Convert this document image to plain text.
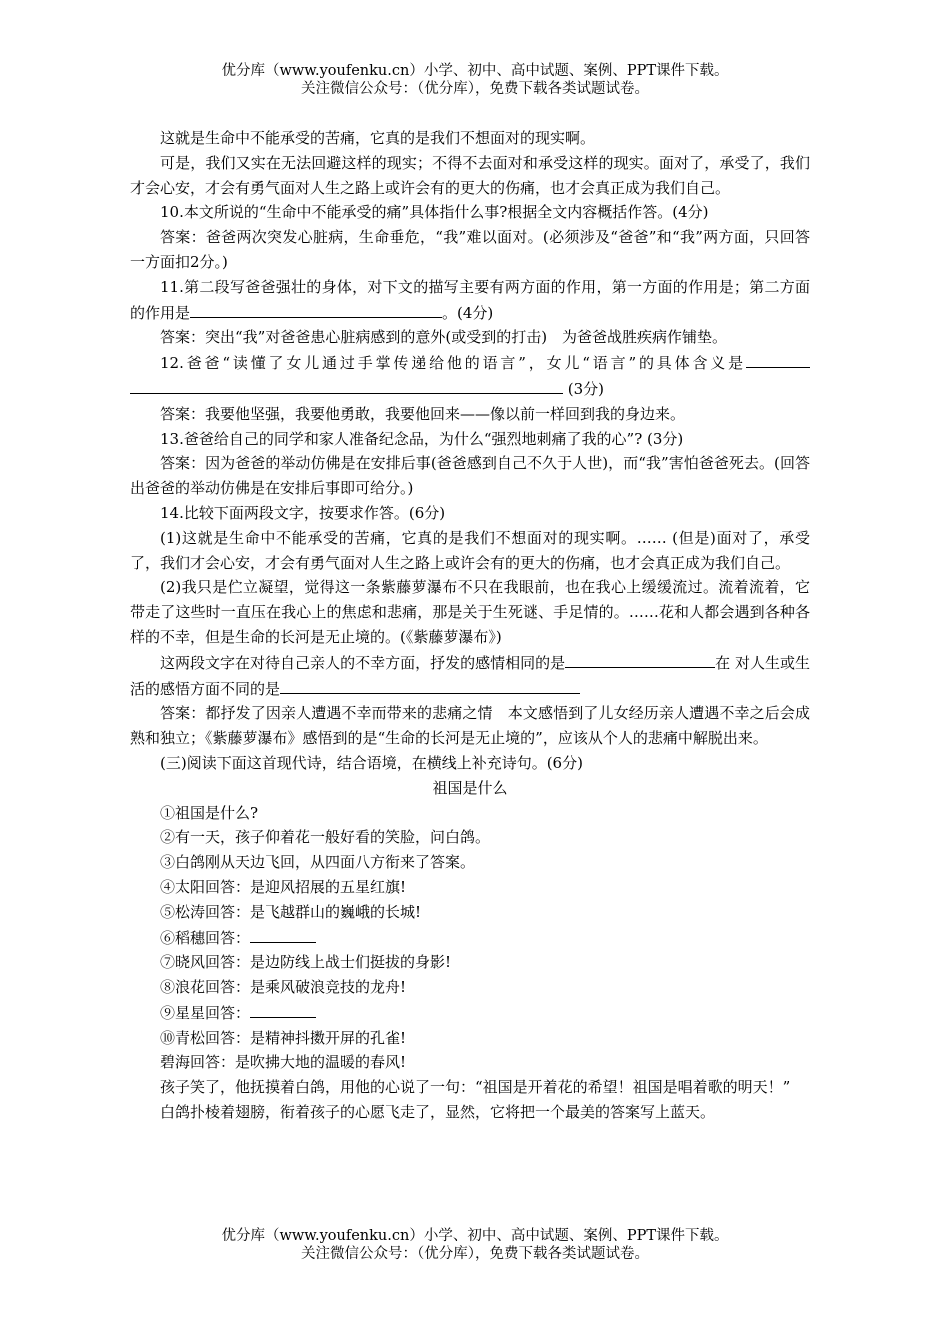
优分库（www.youfenku.cn）小学、初中、高中试题、案例、PPT课件下载。
关注微信公众号：（优分库），免费下载各类试题试卷。

这就是生命中不能承受的苦痛，它真的是我们不想面对的现实啊。

可是，我们又实在无法回避这样的现实；不得不去面对和承受这样的现实。面对了，承受了，我们才会心安，才会有勇气面对人生之路上或许会有的更大的伤痛，也才会真正成为我们自己。

10.本文所说的“生命中不能承受的痛”具体指什么事?根据全文内容概括作答。(4分)

答案：爸爸两次突发心脏病，生命垂危，“我”难以面对。(必须涉及“爸爸”和“我”两方面，只回答一方面扣2分。)

11.第二段写爸爸强壮的身体，对下文的描写主要有两方面的作用，第一方面的作用是；第二方面的作用是	。(4分)

答案：突出“我”对爸爸患心脏病感到的意外(或受到的打击)　为爸爸战胜疾病作铺垫。

12.爸爸“读懂了女儿通过手掌传递给他的语言”，女儿“语言”的具体含义是 (3分)

答案：我要他坚强，我要他勇敢，我要他回来——像以前一样回到我的身边来。

13.爸爸给自己的同学和家人准备纪念品，为什么“强烈地刺痛了我的心”? (3分)

答案：因为爸爸的举动仿佛是在安排后事(爸爸感到自己不久于人世)，而“我”害怕爸爸死去。(回答出爸爸的举动仿佛是在安排后事即可给分。)

14.比较下面两段文字，按要求作答。(6分)

(1)这就是生命中不能承受的苦痛，它真的是我们不想面对的现实啊。…… (但是)面对了，承受了，我们才会心安，才会有勇气面对人生之路上或许会有的更大的伤痛，也才会真正成为我们自己。

(2)我只是伫立凝望，觉得这一条紫藤萝瀑布不只在我眼前，也在我心上缓缓流过。流着流着，它带走了这些时一直压在我心上的焦虑和悲痛，那是关于生死谜、手足情的。……花和人都会遇到各种各样的不幸，但是生命的长河是无止境的。(《紫藤萝瀑布》)

这两段文字在对待自己亲人的不幸方面，抒发的感情相同的是	在 对人生或生活的感悟方面不同的是

答案：都抒发了因亲人遭遇不幸而带来的悲痛之情　本文感悟到了儿女经历亲人遭遇不幸之后会成熟和独立；《紫藤萝瀑布》感悟到的是“生命的长河是无止境的”，应该从个人的悲痛中解脱出来。

(三)阅读下面这首现代诗，结合语境，在横线上补充诗句。(6分)

祖国是什么

①祖国是什么?

②有一天，孩子仰着花一般好看的笑脸，问白鸽。

③白鸽刚从天边飞回，从四面八方衔来了答案。

④太阳回答：是迎风招展的五星红旗!

⑤松涛回答：是飞越群山的巍峨的长城!

⑥稻穗回答：

⑦晓风回答：是边防线上战士们挺拔的身影!

⑧浪花回答：是乘风破浪竞技的龙舟!

⑨星星回答：

⑩青松回答：是精神抖擞开屏的孔雀!

碧海回答：是吹拂大地的温暖的春风!

孩子笑了，他抚摸着白鸽，用他的心说了一句：“祖国是开着花的希望！祖国是唱着歌的明天！”

白鸽扑棱着翅膀，衔着孩子的心愿飞走了，显然，它将把一个最美的答案写上蓝天。

优分库（www.youfenku.cn）小学、初中、高中试题、案例、PPT课件下载。
关注微信公众号：（优分库），免费下载各类试题试卷。
